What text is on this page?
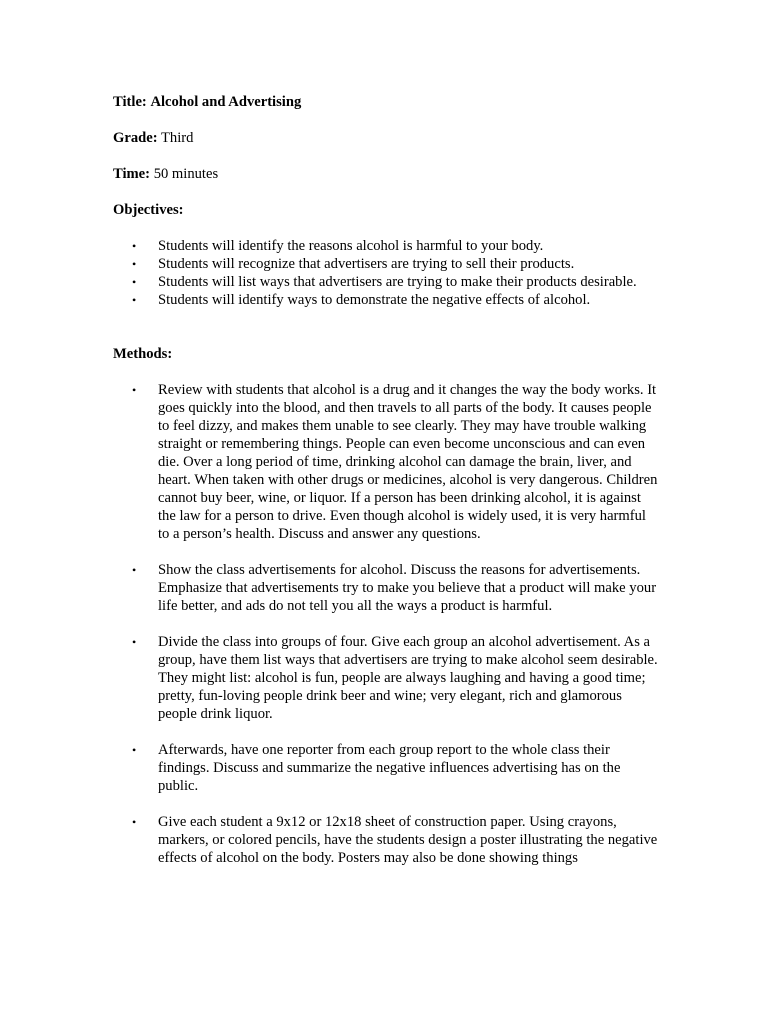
Title: Alcohol and Advertising
Grade: Third
Time: 50 minutes
Objectives:
• Students will identify the reasons alcohol is harmful to your body.
• Students will recognize that advertisers are trying to sell their products.
• Students will list ways that advertisers are trying to make their products desirable.
• Students will identify ways to demonstrate the negative effects of alcohol.
Methods:
• Review with students that alcohol is a drug and it changes the way the body works. It goes quickly into the blood, and then travels to all parts of the body. It causes people to feel dizzy, and makes them unable to see clearly. They may have trouble walking straight or remembering things. People can even become unconscious and can even die. Over a long period of time, drinking alcohol can damage the brain, liver, and heart. When taken with other drugs or medicines, alcohol is very dangerous. Children cannot buy beer, wine, or liquor. If a person has been drinking alcohol, it is against the law for a person to drive. Even though alcohol is widely used, it is very harmful to a person’s health. Discuss and answer any questions.
• Show the class advertisements for alcohol. Discuss the reasons for advertisements. Emphasize that advertisements try to make you believe that a product will make your life better, and ads do not tell you all the ways a product is harmful.
• Divide the class into groups of four. Give each group an alcohol advertisement. As a group, have them list ways that advertisers are trying to make alcohol seem desirable. They might list: alcohol is fun, people are always laughing and having a good time; pretty, fun-loving people drink beer and wine; very elegant, rich and glamorous people drink liquor.
• Afterwards, have one reporter from each group report to the whole class their findings. Discuss and summarize the negative influences advertising has on the public.
• Give each student a 9x12 or 12x18 sheet of construction paper. Using crayons, markers, or colored pencils, have the students design a poster illustrating the negative effects of alcohol on the body. Posters may also be done showing things
